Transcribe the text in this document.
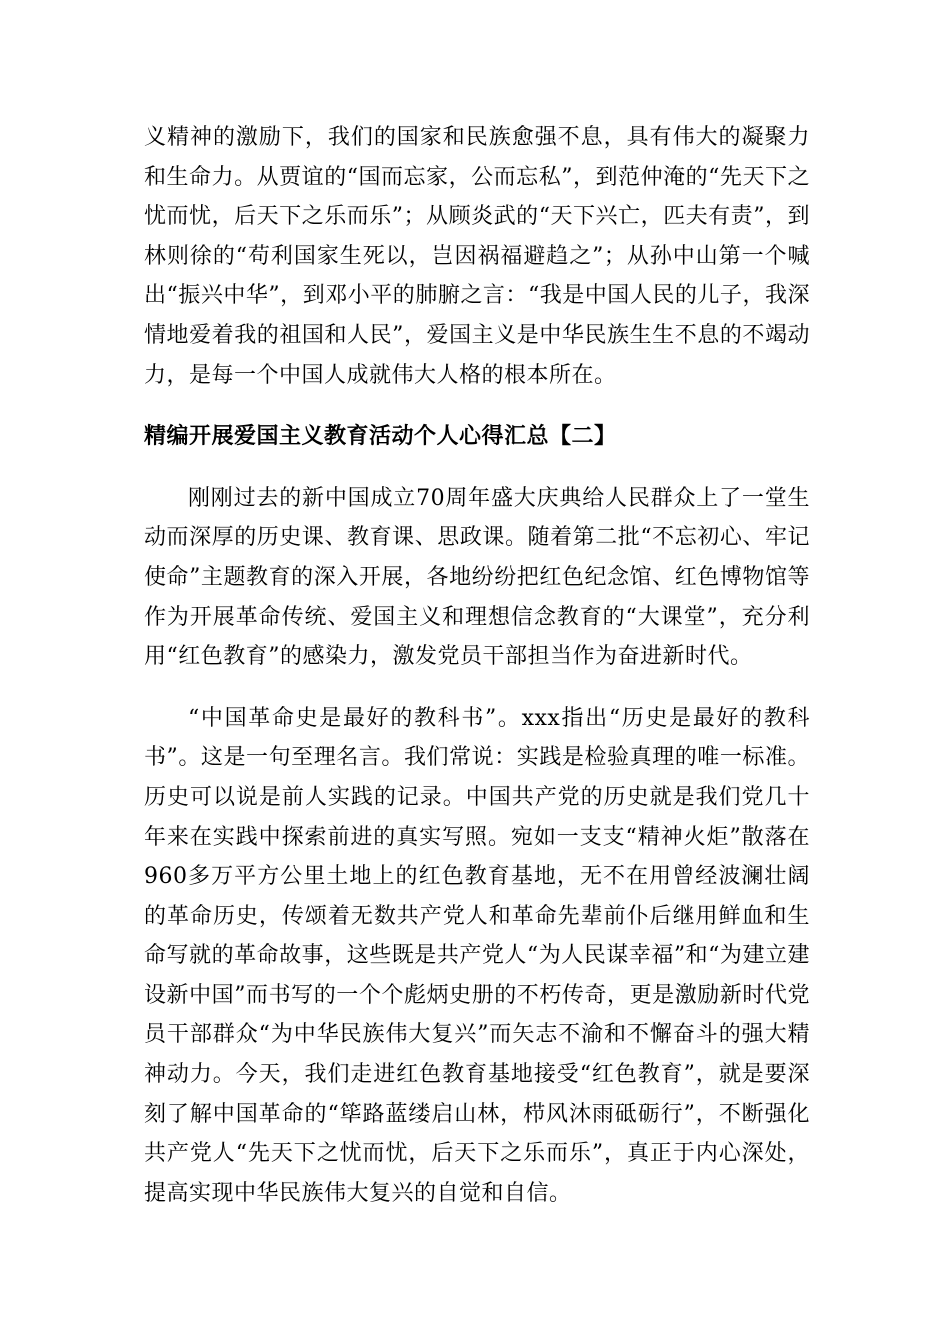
义精神的激励下，我们的国家和民族愈强不息，具有伟大的凝聚力和生命力。从贾谊的“国而忘家，公而忘私”，到范仲淹的“先天下之忧而忧，后天下之乐而乐”；从顾炎武的“天下兴亡，匹夫有责”，到林则徐的“苟利国家生死以，岂因祸福避趋之”；从孙中山第一个喊出“振兴中华”，到邓小平的肺腑之言：“我是中国人民的儿子，我深情地爱着我的祖国和人民”，爱国主义是中华民族生生不息的不竭动力，是每一个中国人成就伟大人格的根本所在。

精编开展爱国主义教育活动个人心得汇总【二】

刚刚过去的新中国成立70周年盛大庆典给人民群众上了一堂生动而深厚的历史课、教育课、思政课。随着第二批“不忘初心、牢记使命”主题教育的深入开展，各地纷纷把红色纪念馆、红色博物馆等作为开展革命传统、爱国主义和理想信念教育的“大课堂”，充分利用“红色教育”的感染力，激发党员干部担当作为奋进新时代。

“中国革命史是最好的教科书”。xxx指出“历史是最好的教科书”。这是一句至理名言。我们常说：实践是检验真理的唯一标准。历史可以说是前人实践的记录。中国共产党的历史就是我们党几十年来在实践中探索前进的真实写照。宛如一支支“精神火炬”散落在960多万平方公里土地上的红色教育基地，无不在用曾经波澜壮阔的革命历史，传颂着无数共产党人和革命先辈前仆后继用鲜血和生命写就的革命故事，这些既是共产党人“为人民谋幸福”和“为建立建设新中国”而书写的一个个彪炳史册的不朽传奇，更是激励新时代党员干部群众“为中华民族伟大复兴”而矢志不渝和不懈奋斗的强大精神动力。今天，我们走进红色教育基地接受“红色教育”，就是要深刻了解中国革命的“筚路蓝缕启山林，栉风沐雨砥砺行”，不断强化共产党人“先天下之忧而忧，后天下之乐而乐”，真正于内心深处，提高实现中华民族伟大复兴的自觉和自信。
